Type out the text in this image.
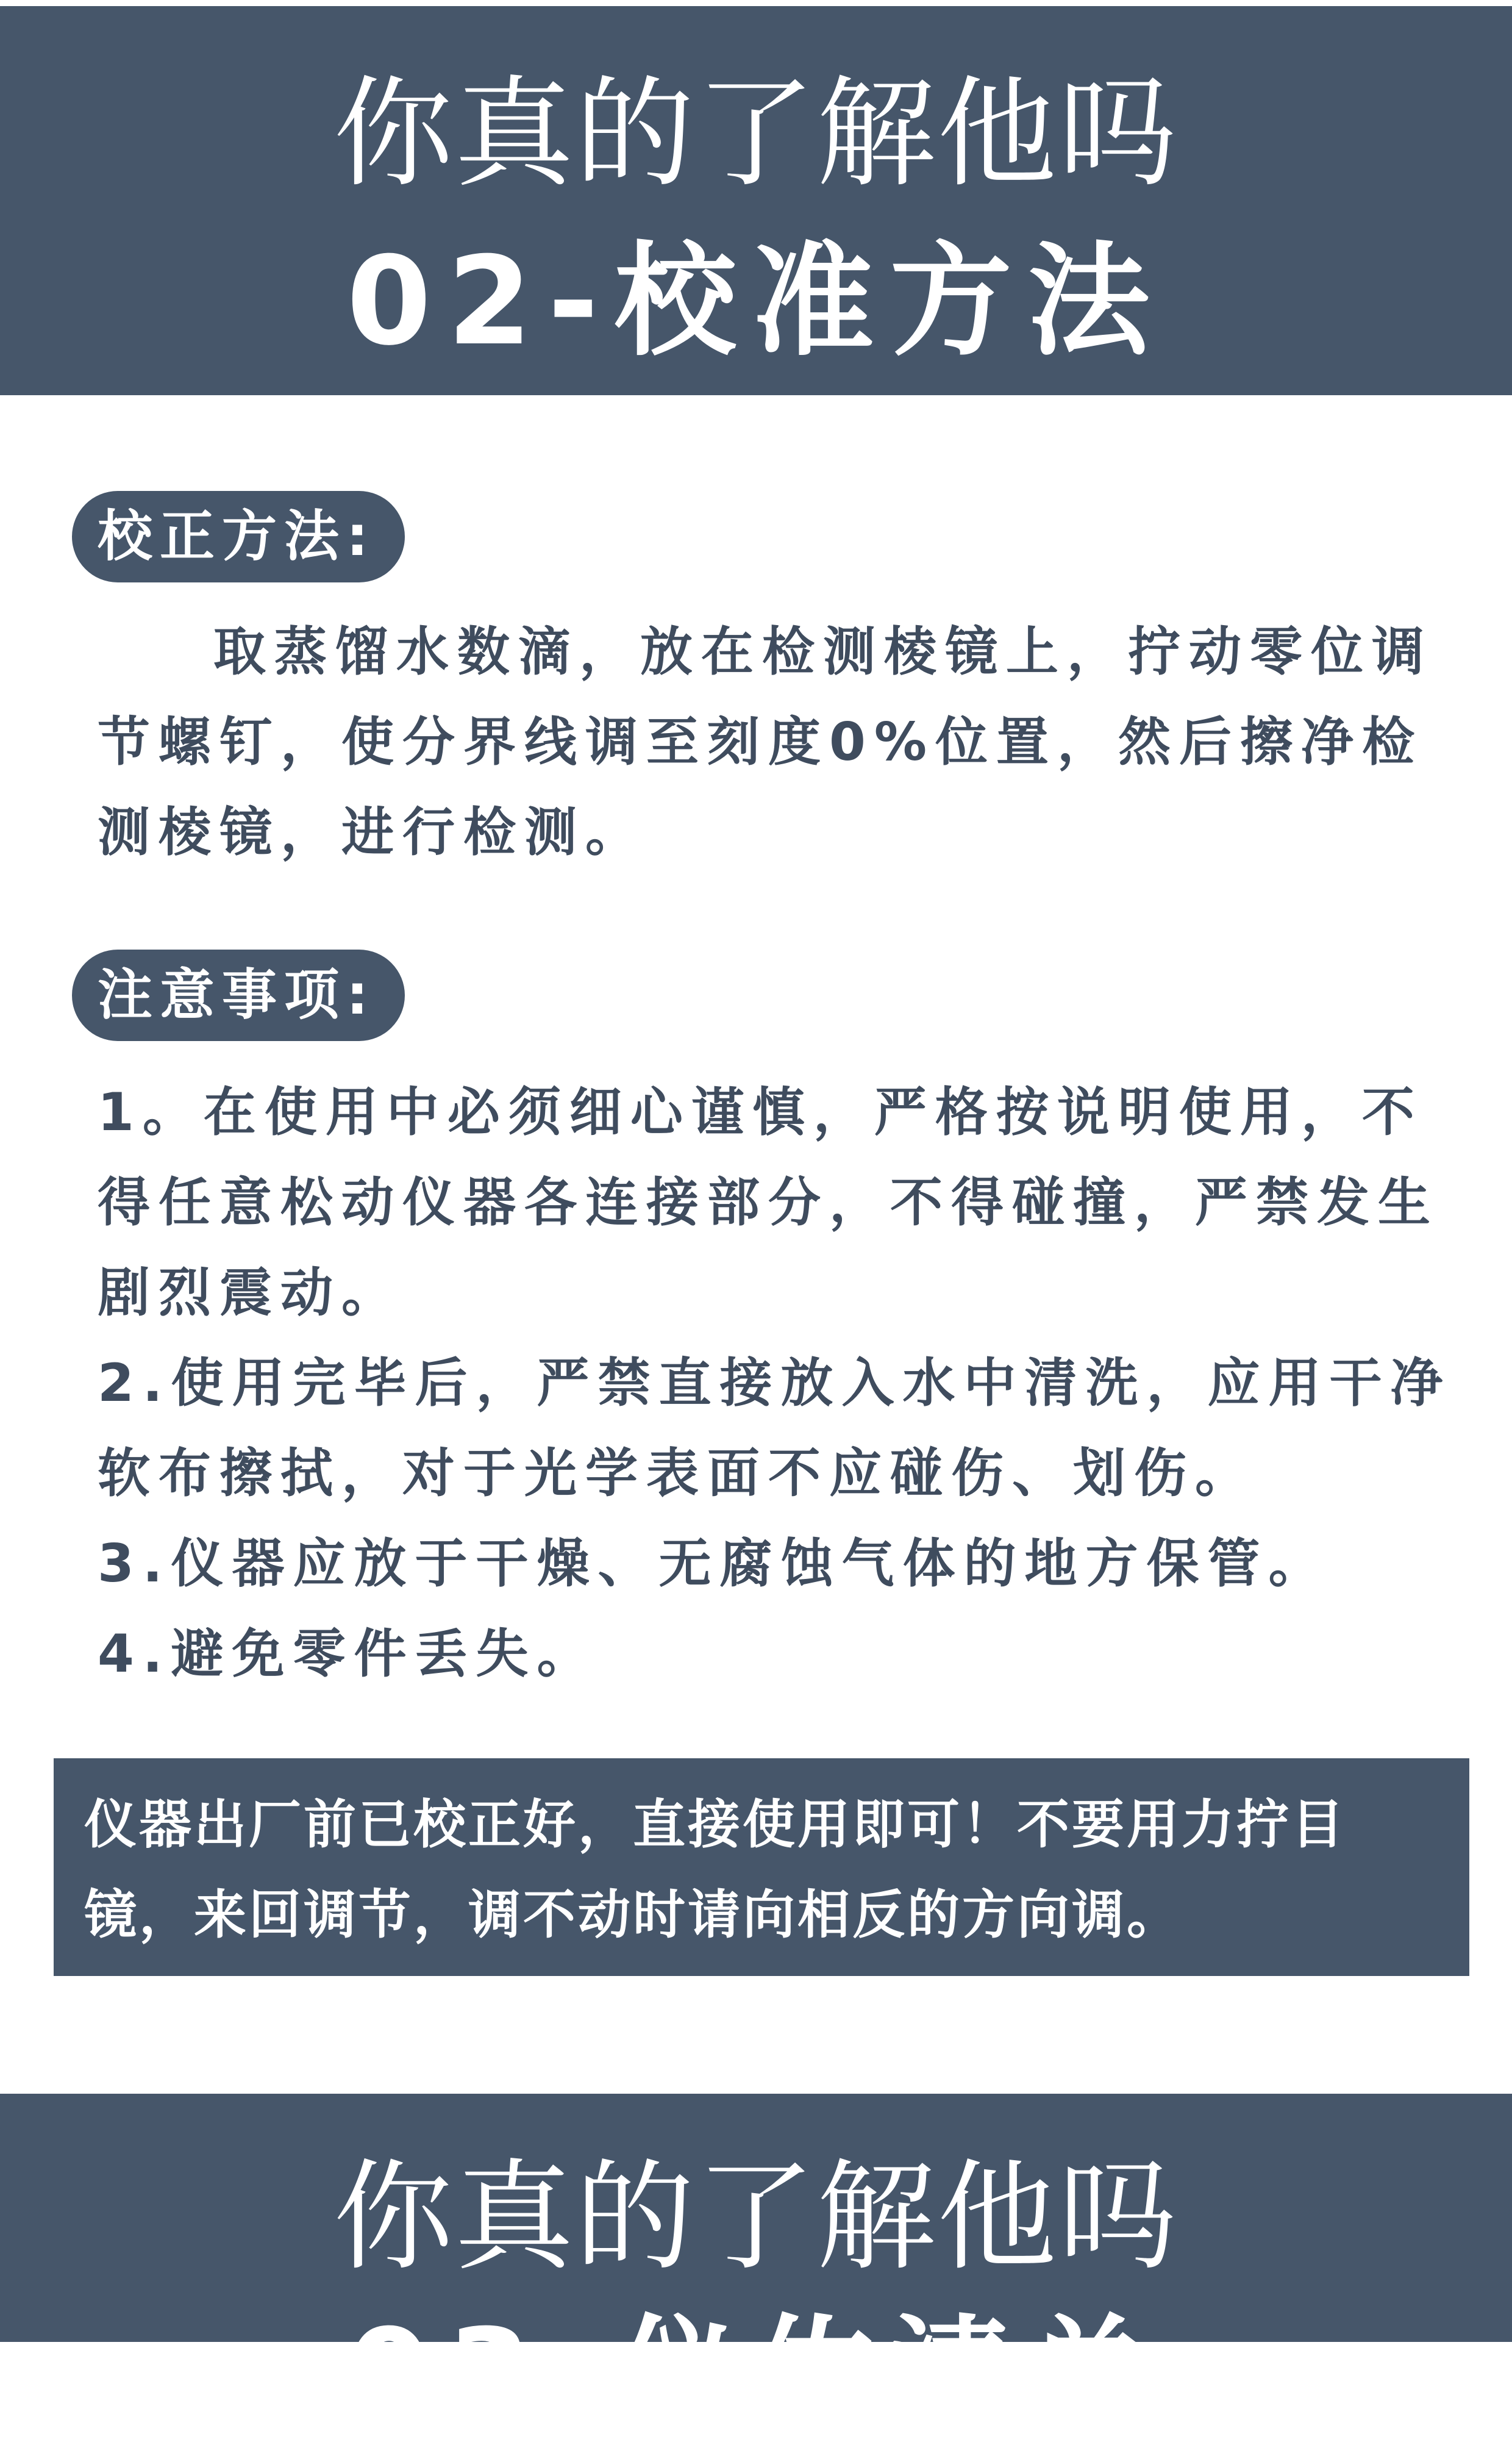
你真的了解他吗
02-校准方法
校正方法:
取蒸馏水数滴，放在检测棱镜上，拧动零位调节螺钉，使分界线调至刻度0%位置，然后擦净检测棱镜，进行检测。
注意事项:
1。在使用中必须细心谨慎，严格按说明使用，不得任意松动仪器各连接部分，不得碰撞，严禁发生剧烈震动。
2.使用完毕后，严禁直接放入水中清洗，应用干净软布擦拭，对于光学表面不应碰伤、划伤。
3.仪器应放于干燥、无腐蚀气体的地方保管。
4.避免零件丢失。
仪器出厂前已校正好，直接使用即可！不要用力拧目镜，来回调节，调不动时请向相反的方向调。
你真的了解他吗
03-仪佐清单
